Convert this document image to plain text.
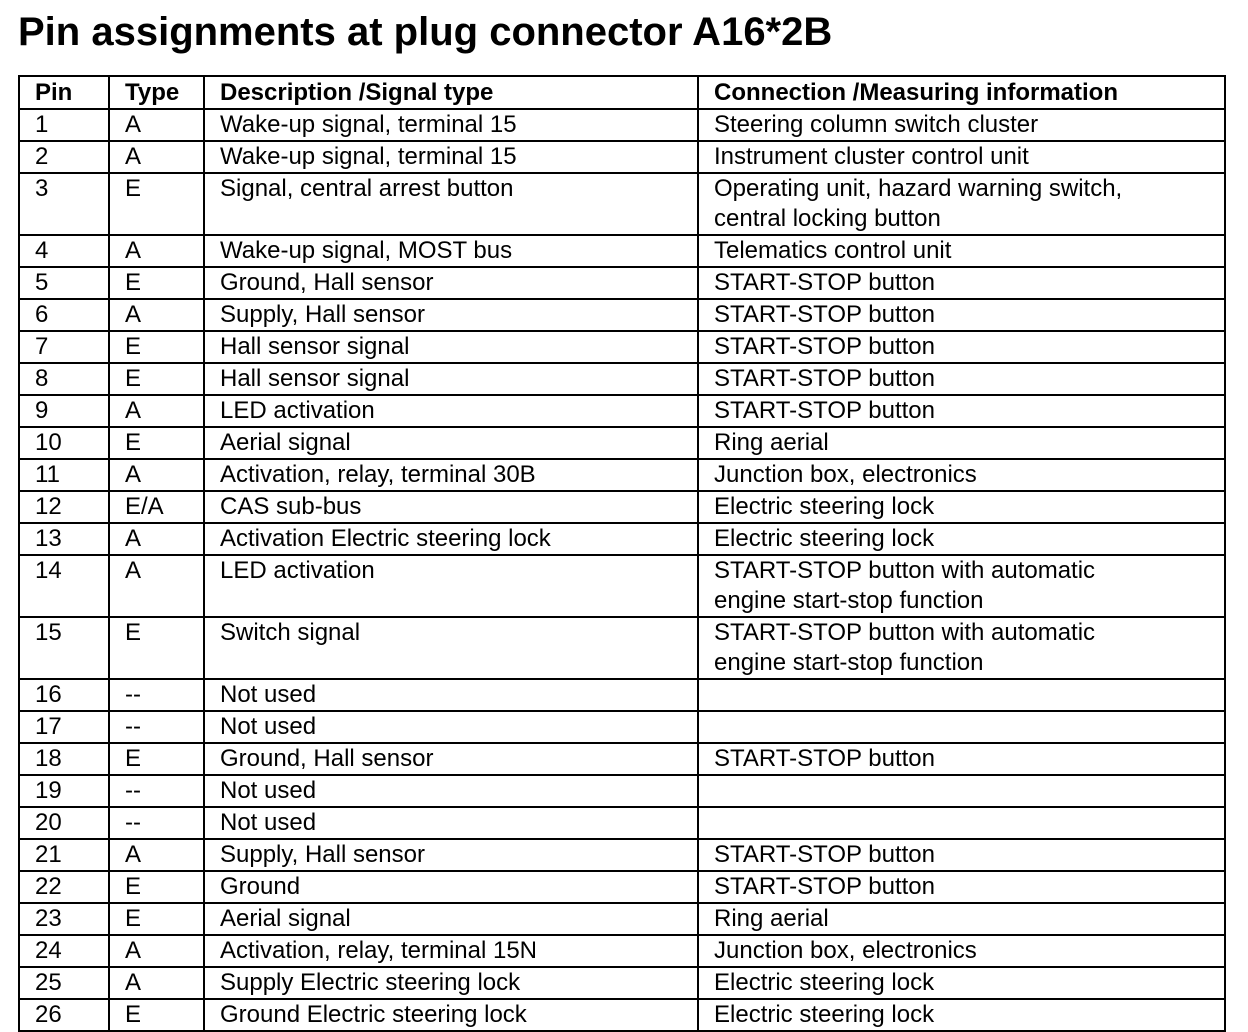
Pin assignments at plug connector A16*2B
Pin	Type	Description /Signal type	Connection /Measuring information
1	A	Wake-up signal, terminal 15	Steering column switch cluster

2	A	Wake-up signal, terminal 15	Instrument cluster control unit

3	E	Signal, central arrest button	Operating unit, hazard warning switch,
central locking button

4	A	Wake-up signal, MOST bus	Telematics control unit

5	E	Ground, Hall sensor	START-STOP button

6	A	Supply, Hall sensor	START-STOP button

7	E	Hall sensor signal	START-STOP button

8	E	Hall sensor signal	START-STOP button

9	A	LED activation	START-STOP button

10	E	Aerial signal	Ring aerial

11	A	Activation, relay, terminal 30B	Junction box, electronics

12	E/A	CAS sub-bus	Electric steering lock

13	A	Activation Electric steering lock	Electric steering lock

14	A	LED activation	START-STOP button with automatic
engine start-stop function

15	E	Switch signal	START-STOP button with automatic
engine start-stop function

16	--	Not used	

17	--	Not used	

18	E	Ground, Hall sensor	START-STOP button

19	--	Not used	

20	--	Not used	

21	A	Supply, Hall sensor	START-STOP button

22	E	Ground	START-STOP button

23	E	Aerial signal	Ring aerial

24	A	Activation, relay, terminal 15N	Junction box, electronics

25	A	Supply Electric steering lock	Electric steering lock

26	E	Ground Electric steering lock	Electric steering lock
